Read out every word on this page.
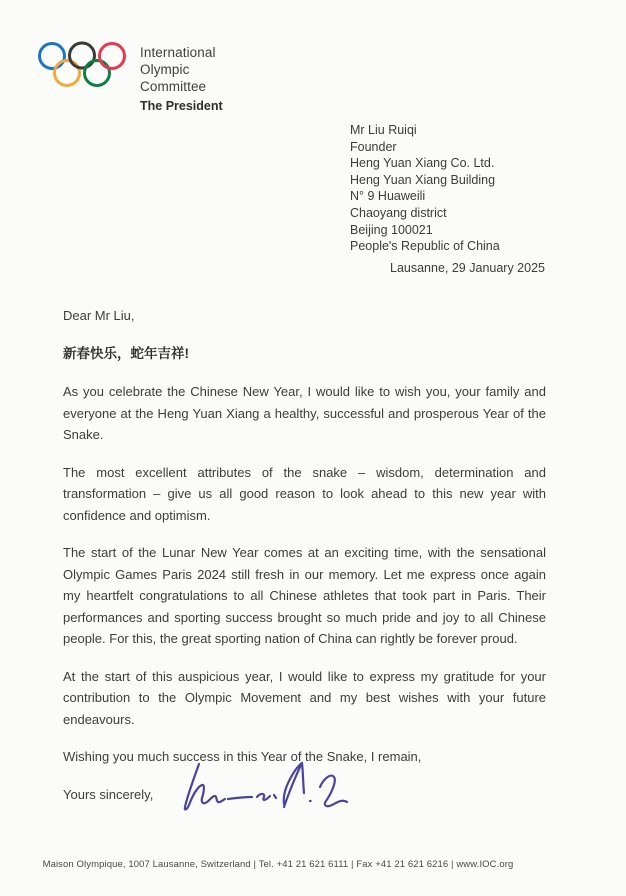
International
Olympic
Committee
The President
Mr Liu Ruiqi
Founder
Heng Yuan Xiang Co. Ltd.
Heng Yuan Xiang Building
N° 9 Huaweili
Chaoyang district
Beijing 100021
People's Republic of China
Lausanne, 29 January 2025
Dear Mr Liu,
新春快乐，蛇年吉祥!

As you celebrate the Chinese New Year, I would like to wish you, your family and everyone at the Heng Yuan Xiang a healthy, successful and prosperous Year of the Snake.

The most excellent attributes of the snake – wisdom, determination and transformation – give us all good reason to look ahead to this new year with confidence and optimism.

The start of the Lunar New Year comes at an exciting time, with the sensational Olympic Games Paris 2024 still fresh in our memory. Let me express once again my heartfelt congratulations to all Chinese athletes that took part in Paris. Their performances and sporting success brought so much pride and joy to all Chinese people. For this, the great sporting nation of China can rightly be forever proud.

At the start of this auspicious year, I would like to express my gratitude for your contribution to the Olympic Movement and my best wishes with your future endeavours.

Wishing you much success in this Year of the Snake, I remain,
Yours sincerely,
Maison Olympique, 1007 Lausanne, Switzerland | Tel. +41 21 621 6111 | Fax +41 21 621 6216 | www.IOC.org
